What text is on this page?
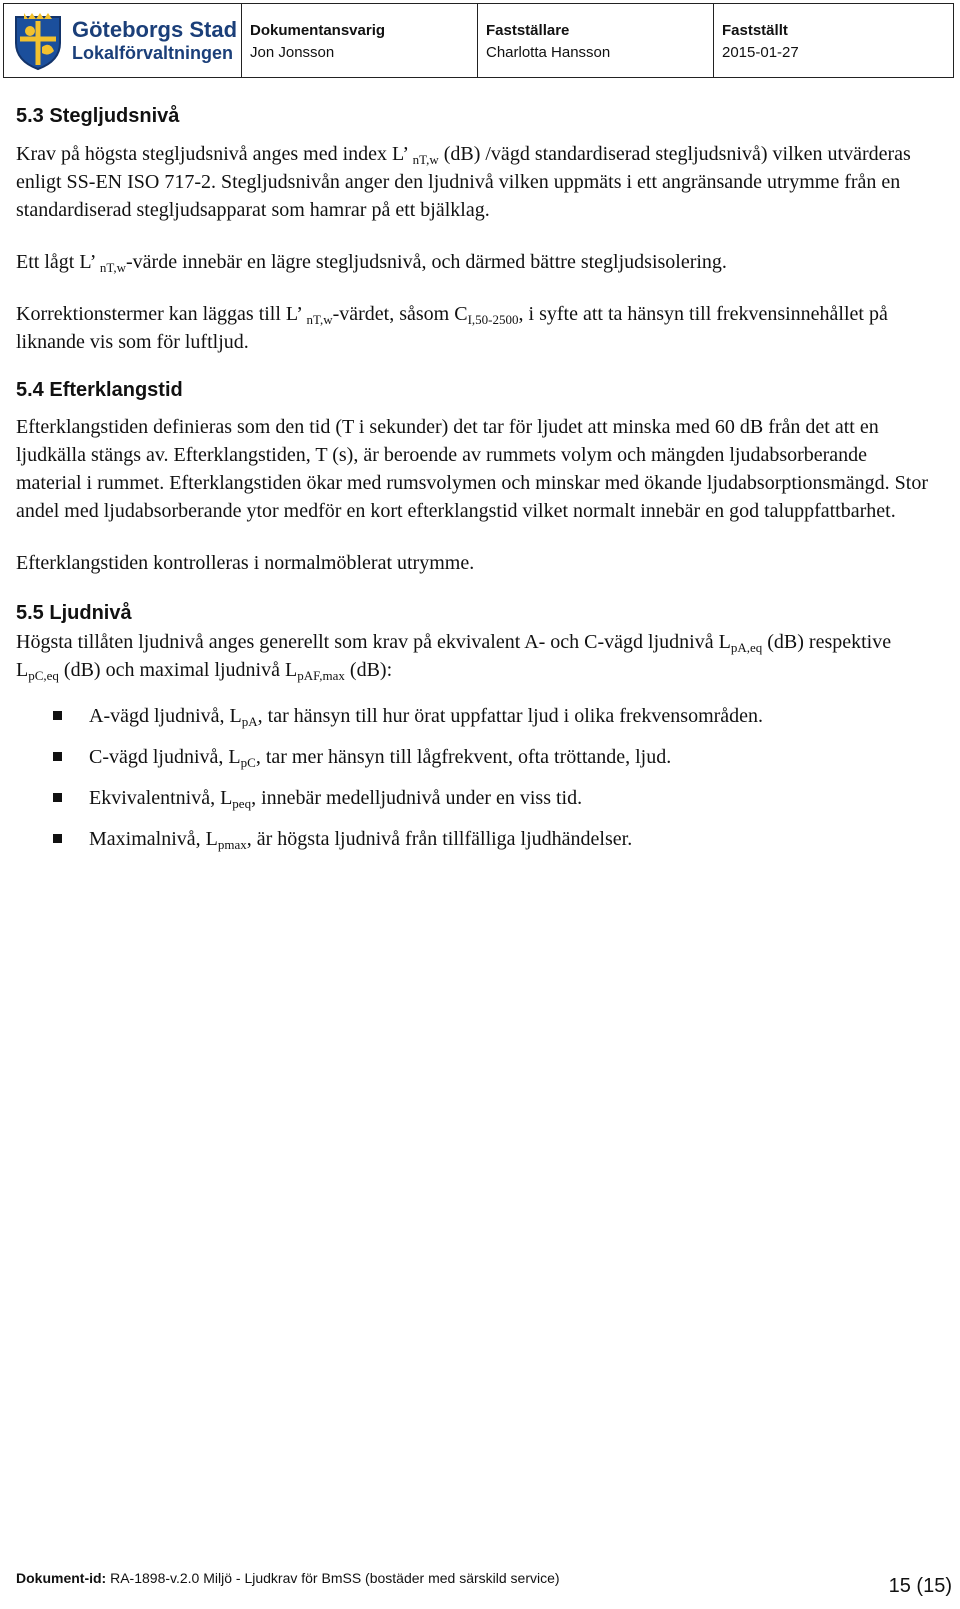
Göteborgs Stad
Lokalförvaltningen
Dokumentansvarig
Jon Jonsson
Fastställare
Charlotta Hansson
Fastställt
2015-01-27
5.3 Stegljudsnivå

Krav på högsta stegljudsnivå anges med index L’ $_{nT,w}$ (dB) /vägd standardiserad stegljudsnivå) vilken utvärderas enligt SS-EN ISO 717-2. Stegljudsnivån anger den ljudnivå vilken uppmäts i ett angränsande utrymme från en standardiserad stegljudsapparat som hamrar på ett bjälklag.

Ett lågt L’ $_{nT,w}$-värde innebär en lägre stegljudsnivå, och därmed bättre stegljudsisolering.

Korrektionstermer kan läggas till L’ $_{nT,w}$-värdet, såsom $C_{I,50-2500}$, i syfte att ta hänsyn till frekvensinnehållet på liknande vis som för luftljud.

5.4 Efterklangstid

Efterklangstiden definieras som den tid (T i sekunder) det tar för ljudet att minska med 60 dB från det att en ljudkälla stängs av. Efterklangstiden, T (s), är beroende av rummets volym och mängden ljudabsorberande material i rummet. Efterklangstiden ökar med rumsvolymen och minskar med ökande ljudabsorptionsmängd. Stor andel med ljudabsorberande ytor medför en kort efterklangstid vilket normalt innebär en god taluppfattbarhet.

Efterklangstiden kontrolleras i normalmöblerat utrymme.

5.5 Ljudnivå

Högsta tillåten ljudnivå anges generellt som krav på ekvivalent A- och C-vägd ljudnivå $L_{pA,eq}$ (dB) respektive $L_{pC,eq}$ (dB) och maximal ljudnivå $L_{pAF,max}$ (dB):

A-vägd ljudnivå, $L_{pA}$, tar hänsyn till hur örat uppfattar ljud i olika frekvensområden.
C-vägd ljudnivå, $L_{pC}$, tar mer hänsyn till lågfrekvent, ofta tröttande, ljud.
Ekvivalentnivå, $L_{peq}$, innebär medelljudnivå under en viss tid.
Maximalnivå, $L_{pmax}$, är högsta ljudnivå från tillfälliga ljudhändelser.
Dokument-id: RA-1898-v.2.0 Miljö - Ljudkrav för BmSS (bostäder med särskild service)	15 (15)
